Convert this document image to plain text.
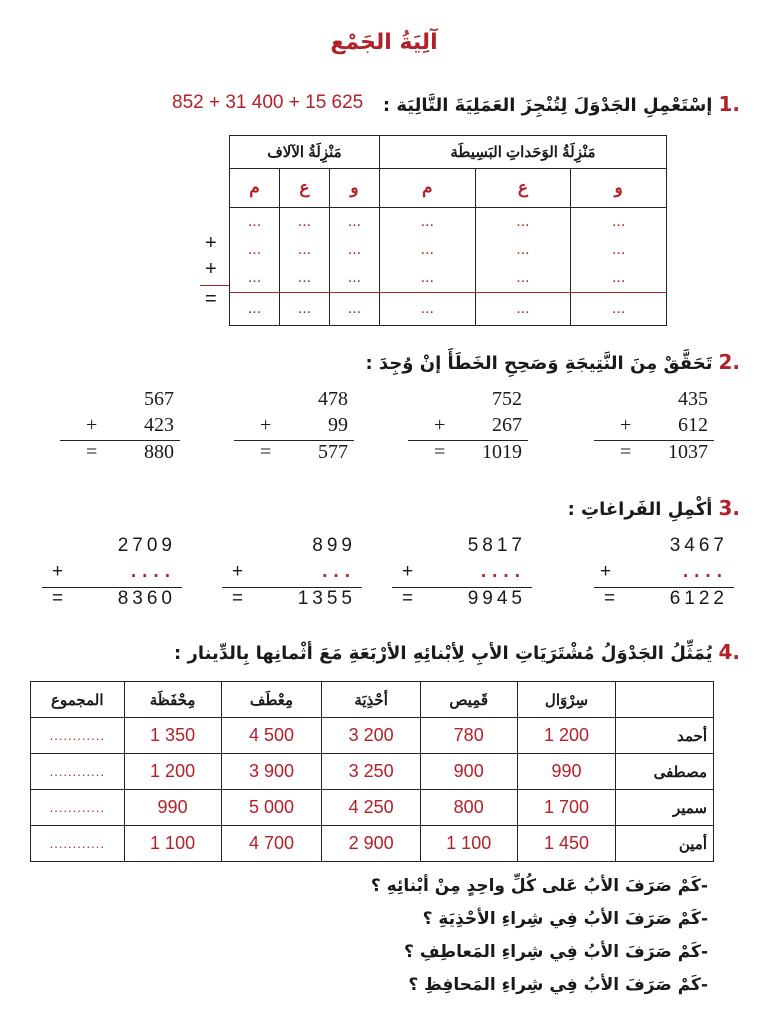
آلِيَةُ الجَمْع
.1
إسْتَعْمِلِ الجَدْوَلَ لِتُنْجِزَ العَمَلِيَةَ التَّالِيَة :
852 + 31 400 + 15 625
مَنْزِلَةُ الآلاف			مَنْزِلَةُ الوَحَداتِ البَسِيطَة		
م	ع	و	م	ع	و
...	...	...	...	...	...
...	...	...	...	...	...
...	...	...	...	...	...
...	...	...	...	...	...
+
+
=
.2
تَحَقَّقْ مِنَ النَّتِيجَةِ وَصَحِحِ الخَطَأَ إنْ وُجِدَ :
435
+ 612
= 1037
752
+ 267
= 1019
478
+	99
= 577
567
+ 423
= 880
.3
أكْمِلِ الفَراغاتِ :
3467
+	....
=	6122
5817
+	....
=	9945
899
+	...
=	1355
2709
+	....
=	8360
.4
يُمَثِّلُ الجَدْوَلُ مُشْتَرَيَاتِ الأبِ لِأبْنائِهِ الأرْبَعَةِ مَعَ أثْمانِها بِالدِّينار :
المجموع	مِحْفَظَة	مِعْطَف	أحْذِيَة	قَمِيص	سِرْوَال	
............	1 350	4 500	3 200	780	1 200	أحمد
............	1 200	3 900	3 250	900	990	مصطفى
............	990	5 000	4 250	800	1 700	سمير
............	1 100	4 700	2 900	1 100	1 450	أمين
-كَمْ صَرَفَ الأبُ عَلى كُلِّ واحِدٍ مِنْ أبْنائِهِ ؟
-كَمْ صَرَفَ الأبُ فِي شِراءِ الأحْذِيَةِ ؟
-كَمْ صَرَفَ الأبُ فِي شِراءِ المَعاطِفِ ؟
-كَمْ صَرَفَ الأبُ فِي شِراءِ المَحافِظِ ؟
